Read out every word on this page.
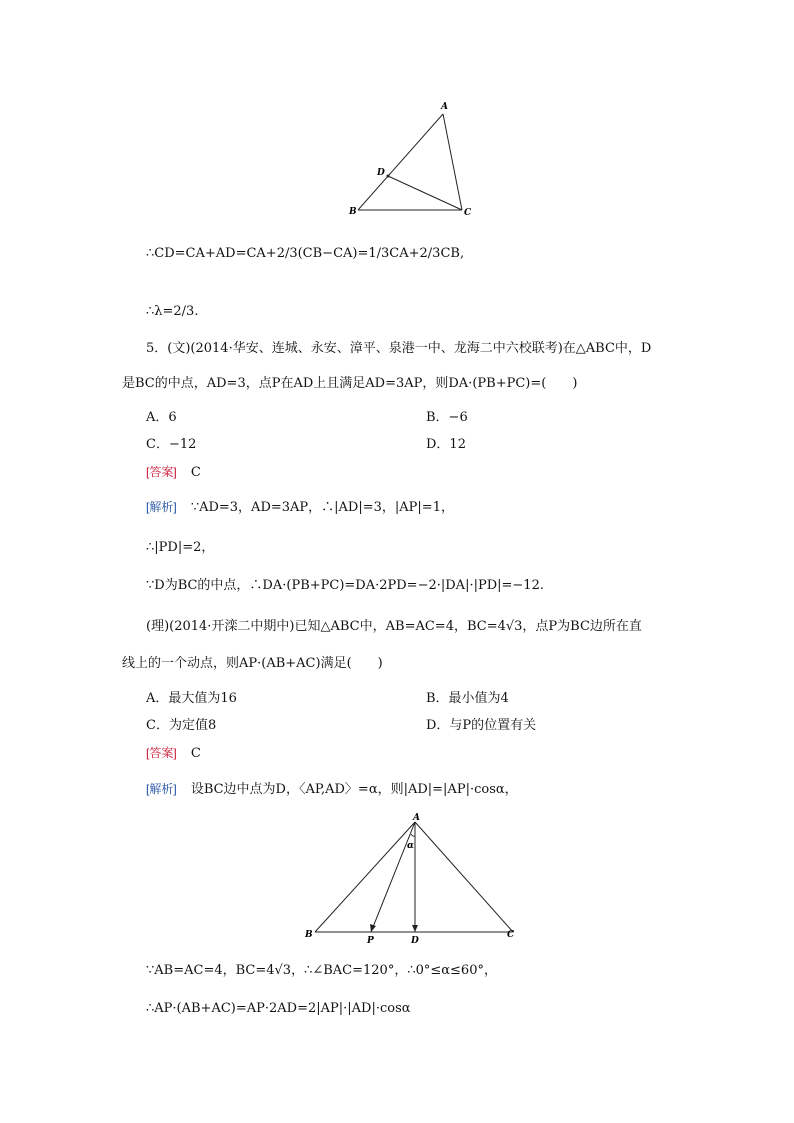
A
B	C
D
∴CD=CA+AD=CA+2/3(CB−CA)=1/3CA+2/3CB,
∴λ=2/3.
5．(文)(2014·华安、连城、永安、漳平、泉港一中、龙海二中六校联考)在△ABC中，D
是BC的中点，AD=3，点P在AD上且满足AD=3AP，则DA·(PB+PC)=(　　)
A．6	B．−6
C．−12	D．12
[答案] C
[解析] ∵AD=3，AD=3AP，∴|AD|=3，|AP|=1，
∴|PD|=2，
∵D为BC的中点，∴DA·(PB+PC)=DA·2PD=−2·|DA|·|PD|=−12.
(理)(2014·开滦二中期中)已知△ABC中，AB=AC=4，BC=4√3，点P为BC边所在直
线上的一个动点，则AP·(AB+AC)满足(　　)
A．最大值为16	B．最小值为4
C．为定值8	D．与P的位置有关
[答案] C
[解析] 设BC边中点为D，〈AP,AD〉=α，则|AD|=|AP|·cosα，
A
B	C
P	D
α
∵AB=AC=4，BC=4√3，∴∠BAC=120°，∴0°≤α≤60°，
∴AP·(AB+AC)=AP·2AD=2|AP|·|AD|·cosα
